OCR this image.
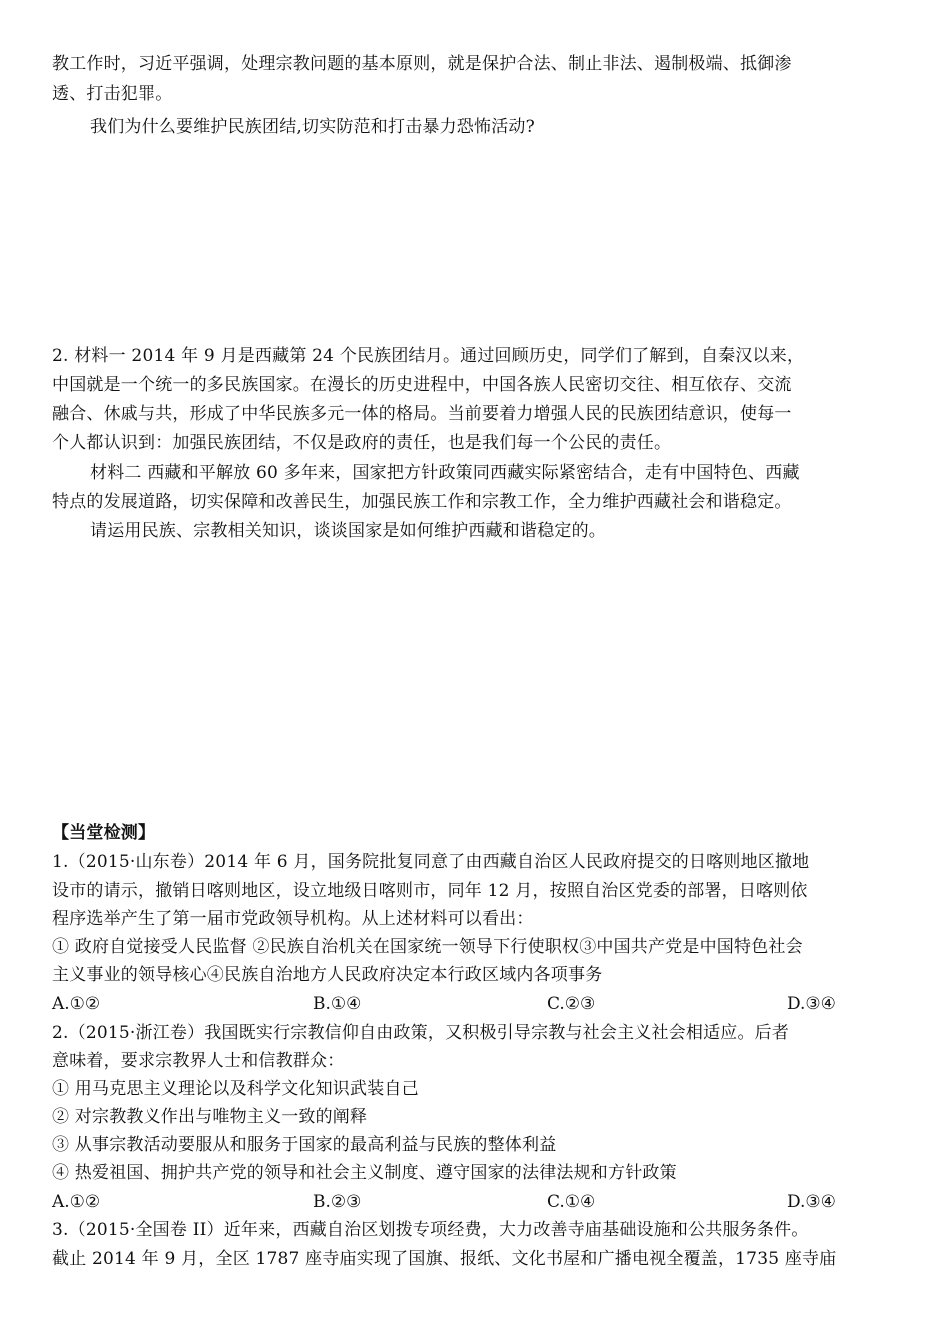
教工作时，习近平强调，处理宗教问题的基本原则，就是保护合法、制止非法、遏制极端、抵御渗
透、打击犯罪。
我们为什么要维护民族团结,切实防范和打击暴力恐怖活动?
2. 材料一 2014 年 9 月是西藏第 24 个民族团结月。通过回顾历史，同学们了解到，自秦汉以来，
中国就是一个统一的多民族国家。在漫长的历史进程中，中国各族人民密切交往、相互依存、交流
融合、休戚与共，形成了中华民族多元一体的格局。当前要着力增强人民的民族团结意识，使每一
个人都认识到：加强民族团结，不仅是政府的责任，也是我们每一个公民的责任。
材料二 西藏和平解放 60 多年来，国家把方针政策同西藏实际紧密结合，走有中国特色、西藏
特点的发展道路，切实保障和改善民生，加强民族工作和宗教工作，全力维护西藏社会和谐稳定。
请运用民族、宗教相关知识，谈谈国家是如何维护西藏和谐稳定的。
【当堂检测】
1.（2015·山东卷）2014 年 6 月，国务院批复同意了由西藏自治区人民政府提交的日喀则地区撤地
设市的请示，撤销日喀则地区，设立地级日喀则市，同年 12 月，按照自治区党委的部署，日喀则依
程序选举产生了第一届市党政领导机构。从上述材料可以看出：
① 政府自觉接受人民监督 ②民族自治机关在国家统一领导下行使职权③中国共产党是中国特色社会
主义事业的领导核心④民族自治地方人民政府决定本行政区域内各项事务
A.①②	B.①④	C.②③	D.③④
2.（2015·浙江卷）我国既实行宗教信仰自由政策，又积极引导宗教与社会主义社会相适应。后者
意味着，要求宗教界人士和信教群众：
① 用马克思主义理论以及科学文化知识武装自己
② 对宗教教义作出与唯物主义一致的阐释
③ 从事宗教活动要服从和服务于国家的最高利益与民族的整体利益
④ 热爱祖国、拥护共产党的领导和社会主义制度、遵守国家的法律法规和方针政策
A.①②	B.②③	C.①④	D.③④
3.（2015·全国卷 II）近年来，西藏自治区划拨专项经费，大力改善寺庙基础设施和公共服务条件。
截止 2014 年 9 月，全区 1787 座寺庙实现了国旗、报纸、文化书屋和广播电视全覆盖，1735 座寺庙
